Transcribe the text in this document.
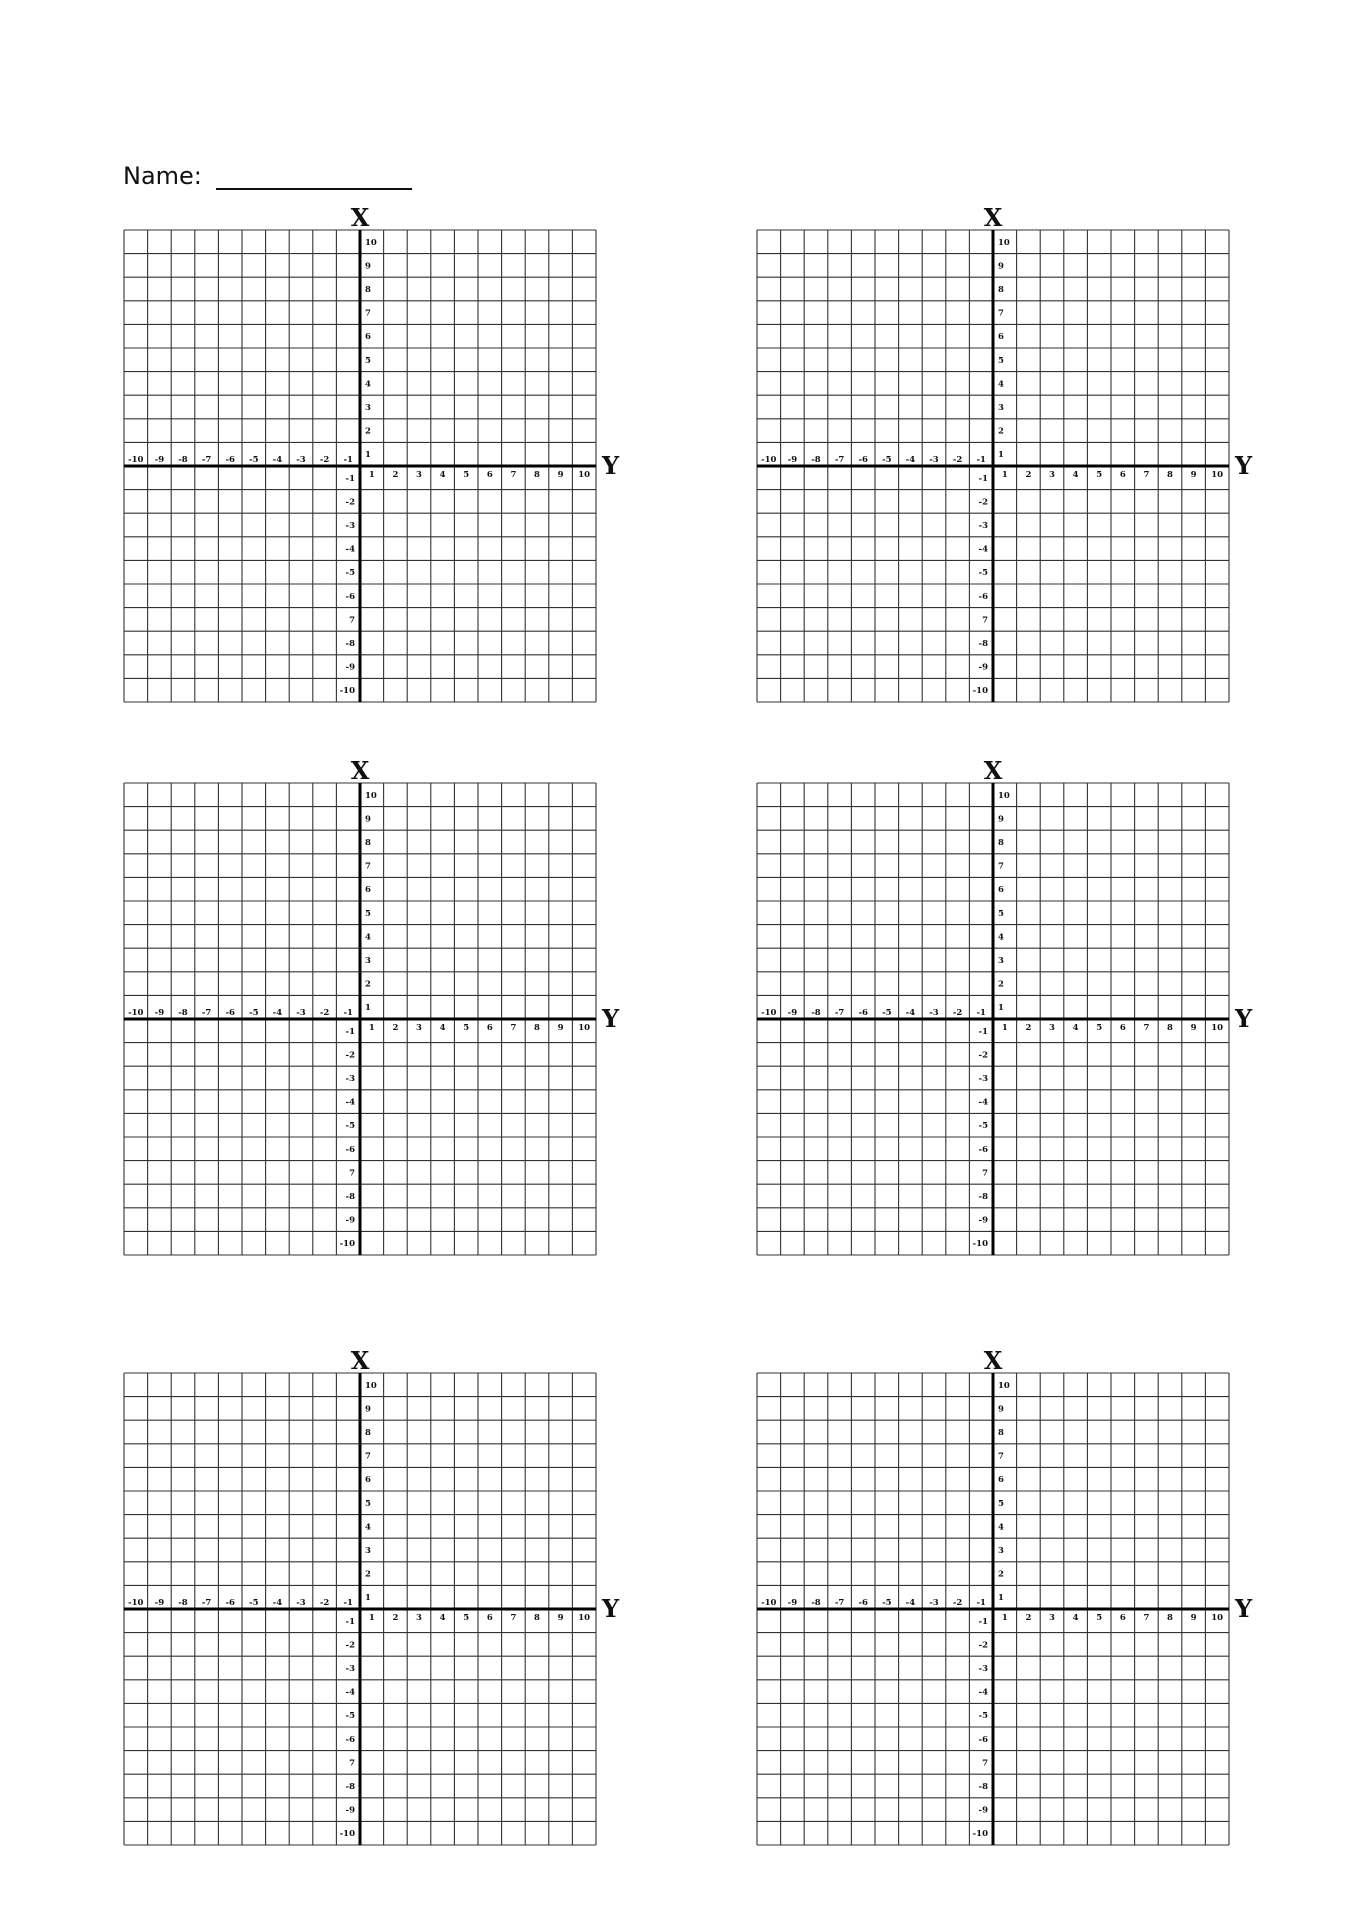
Name:
X
Y
-10 -9 -8 -7 -6 -5 -4 -3 -2 -1
1 2 3 4 5 6 7 8 9 10
10
9
8
7
6
5
4
3
2
1
-1
-2
-3
-4
-5
-6
7
-8
-9
-10
X
Y
-10 -9 -8 -7 -6 -5 -4 -3 -2 -1
1 2 3 4 5 6 7 8 9 10
10
9
8
7
6
5
4
3
2
1
-1
-2
-3
-4
-5
-6
7
-8
-9
-10
X
Y
-10 -9 -8 -7 -6 -5 -4 -3 -2 -1
1 2 3 4 5 6 7 8 9 10
10
9
8
7
6
5
4
3
2
1
-1
-2
-3
-4
-5
-6
7
-8
-9
-10
X
Y
-10 -9 -8 -7 -6 -5 -4 -3 -2 -1
1 2 3 4 5 6 7 8 9 10
10
9
8
7
6
5
4
3
2
1
-1
-2
-3
-4
-5
-6
7
-8
-9
-10
X
Y
-10 -9 -8 -7 -6 -5 -4 -3 -2 -1
1 2 3 4 5 6 7 8 9 10
10
9
8
7
6
5
4
3
2
1
-1
-2
-3
-4
-5
-6
7
-8
-9
-10
X
Y
-10 -9 -8 -7 -6 -5 -4 -3 -2 -1
1 2 3 4 5 6 7 8 9 10
10
9
8
7
6
5
4
3
2
1
-1
-2
-3
-4
-5
-6
7
-8
-9
-10
